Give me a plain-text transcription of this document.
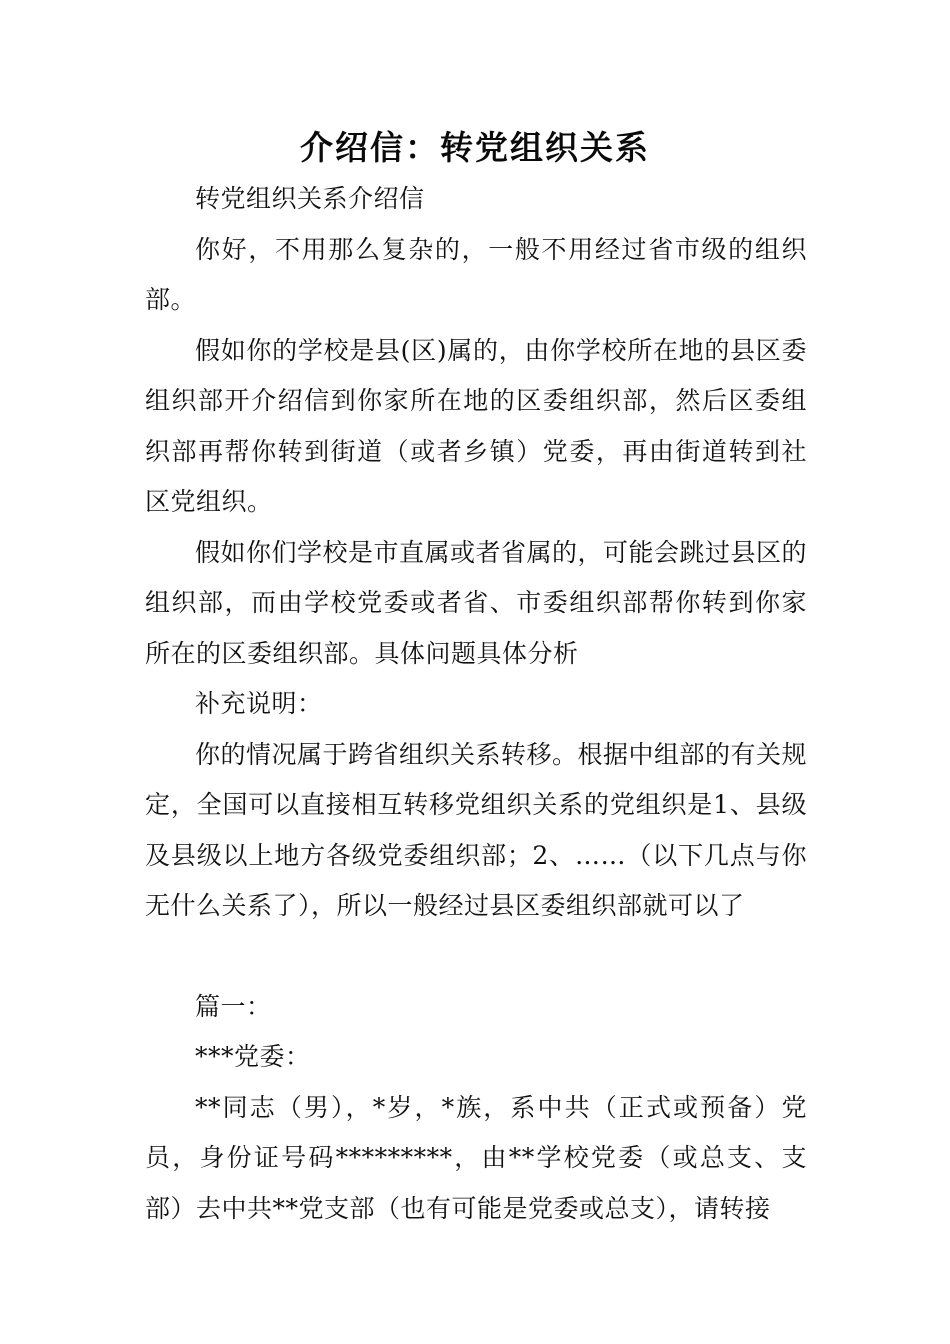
介绍信：转党组织关系

转党组织关系介绍信

你好，不用那么复杂的，一般不用经过省市级的组织部。

假如你的学校是县(区)属的，由你学校所在地的县区委组织部开介绍信到你家所在地的区委组织部，然后区委组织部再帮你转到街道（或者乡镇）党委，再由街道转到社区党组织。

假如你们学校是市直属或者省属的，可能会跳过县区的组织部，而由学校党委或者省、市委组织部帮你转到你家所在的区委组织部。具体问题具体分析

补充说明：

你的情况属于跨省组织关系转移。根据中组部的有关规定，全国可以直接相互转移党组织关系的党组织是1、县级及县级以上地方各级党委组织部；2、……（以下几点与你无什么关系了），所以一般经过县区委组织部就可以了

篇一：

***党委：

**同志（男），*岁，*族，系中共（正式或预备）党员，身份证号码*********，由**学校党委（或总支、支部）去中共**党支部（也有可能是党委或总支），请转接
